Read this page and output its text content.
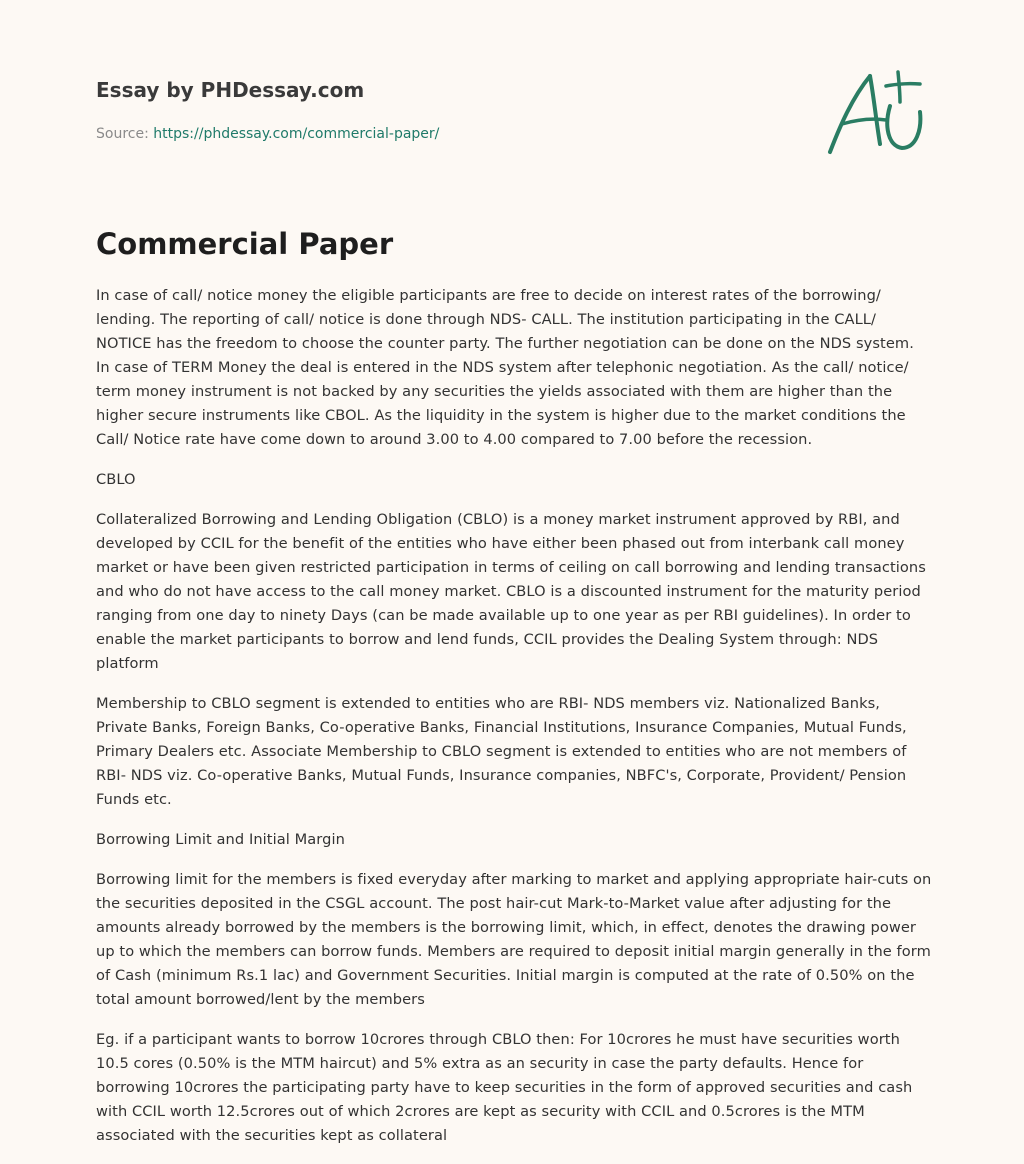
Essay by PHDessay.com
Source: https://phdessay.com/commercial-paper/
Commercial Paper

In case of call/ notice money the eligible participants are free to decide on interest rates of the borrowing/ lending. The reporting of call/ notice is done through NDS- CALL. The institution participating in the CALL/ NOTICE has the freedom to choose the counter party. The further negotiation can be done on the NDS system. In case of TERM Money the deal is entered in the NDS system after telephonic negotiation. As the call/ notice/ term money instrument is not backed by any securities the yields associated with them are higher than the higher secure instruments like CBOL. As the liquidity in the system is higher due to the market conditions the Call/ Notice rate have come down to around 3.00 to 4.00 compared to 7.00 before the recession.

CBLO

Collateralized Borrowing and Lending Obligation (CBLO) is a money market instrument approved by RBI, and developed by CCIL for the benefit of the entities who have either been phased out from interbank call money market or have been given restricted participation in terms of ceiling on call borrowing and lending transactions and who do not have access to the call money market. CBLO is a discounted instrument for the maturity period ranging from one day to ninety Days (can be made available up to one year as per RBI guidelines). In order to enable the market participants to borrow and lend funds, CCIL provides the Dealing System through: NDS platform

Membership to CBLO segment is extended to entities who are RBI- NDS members viz. Nationalized Banks, Private Banks, Foreign Banks, Co-operative Banks, Financial Institutions, Insurance Companies, Mutual Funds, Primary Dealers etc. Associate Membership to CBLO segment is extended to entities who are not members of RBI- NDS viz. Co-operative Banks, Mutual Funds, Insurance companies, NBFC's, Corporate, Provident/ Pension Funds etc.

Borrowing Limit and Initial Margin

Borrowing limit for the members is fixed everyday after marking to market and applying appropriate hair-cuts on the securities deposited in the CSGL account. The post hair-cut Mark-to-Market value after adjusting for the amounts already borrowed by the members is the borrowing limit, which, in effect, denotes the drawing power up to which the members can borrow funds. Members are required to deposit initial margin generally in the form of Cash (minimum Rs.1 lac) and Government Securities. Initial margin is computed at the rate of 0.50% on the total amount borrowed/lent by the members

Eg. if a participant wants to borrow 10crores through CBLO then: For 10crores he must have securities worth 10.5 cores (0.50% is the MTM haircut) and 5% extra as an security in case the party defaults. Hence for borrowing 10crores the participating party have to keep securities in the form of approved securities and cash with CCIL worth 12.5crores out of which 2crores are kept as security with CCIL and 0.5crores is the MTM associated with the securities kept as collateral
